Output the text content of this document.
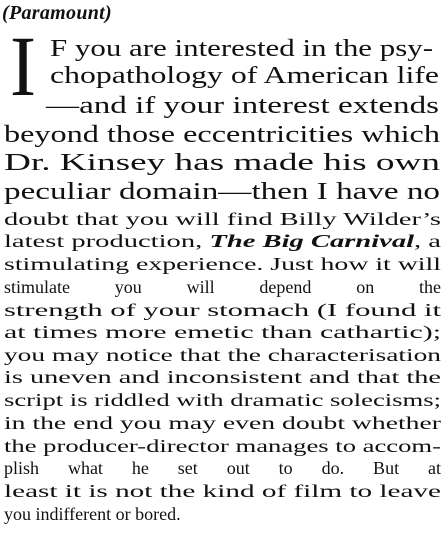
(Paramount)
I F you are interested in the psy-
chopathology of American life
—and if your interest extends
beyond those eccentricities which
Dr. Kinsey has made his own
peculiar domain—then I have no
doubt that you will find Billy Wilder’s
latest production, The Big Carnival, a
stimulating experience. Just how it will
stimulate you will depend on the
strength of your stomach (I found it
at times more emetic than cathartic);
you may notice that the characterisation
is uneven and inconsistent and that the
script is riddled with dramatic solecisms;
in the end you may even doubt whether
the producer-director manages to accom-
plish what he set out to do. But at
least it is not the kind of film to leave
you indifferent or bored.
